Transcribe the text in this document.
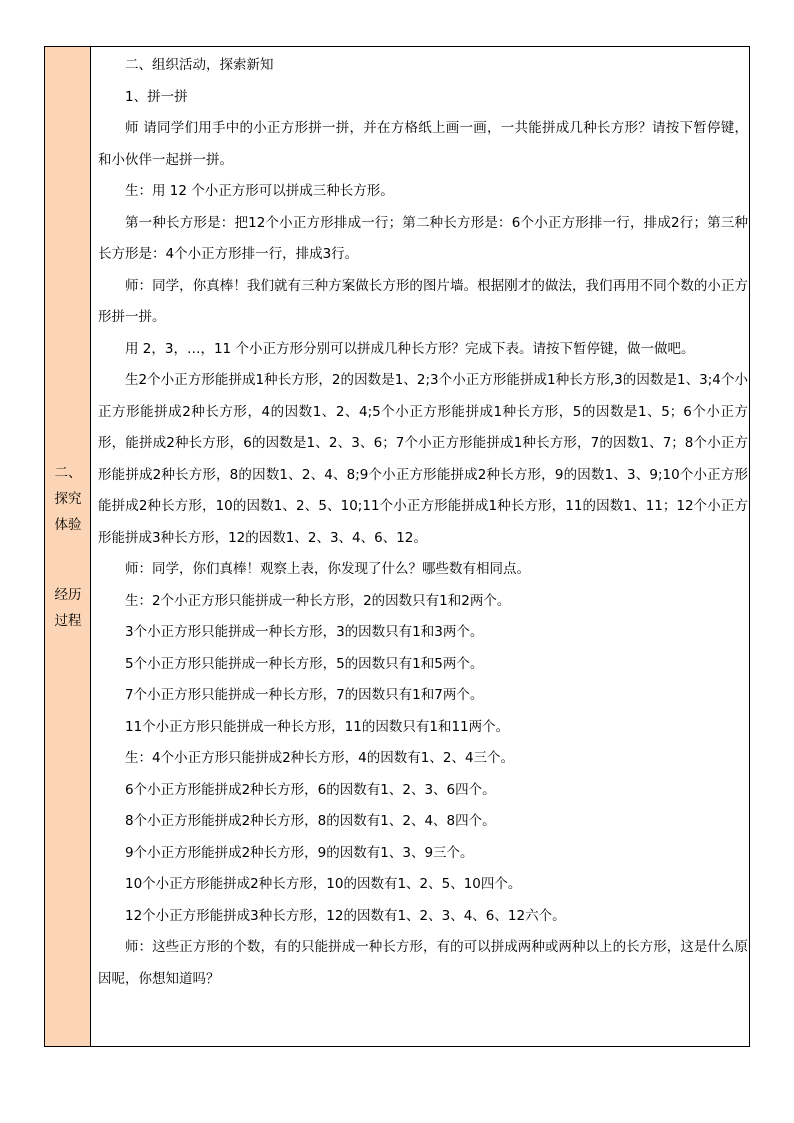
二、
探究
体验
经历
过程

二、组织活动，探索新知

1、拼一拼

师 请同学们用手中的小正方形拼一拼，并在方格纸上画一画，一共能拼成几种长方形？请按下暂停键，和小伙伴一起拼一拼。

生：用 12 个小正方形可以拼成三种长方形。

第一种长方形是：把12个小正方形排成一行；第二种长方形是：6个小正方形排一行，排成2行；第三种长方形是：4个小正方形排一行，排成3行。

师：同学，你真棒！我们就有三种方案做长方形的图片墙。根据刚才的做法，我们再用不同个数的小正方形拼一拼。

用 2，3，…，11 个小正方形分别可以拼成几种长方形？完成下表。请按下暂停键，做一做吧。

生2个小正方形能拼成1种长方形，2的因数是1、2;3个小正方形能拼成1种长方形,3的因数是1、3;4个小正方形能拼成2种长方形，4的因数1、2、4;5个小正方形能拼成1种长方形，5的因数是1、5；6个小正方形，能拼成2种长方形，6的因数是1、2、3、6；7个小正方形能拼成1种长方形，7的因数1、7；8个小正方形能拼成2种长方形，8的因数1、2、4、8;9个小正方形能拼成2种长方形，9的因数1、3、9;10个小正方形能拼成2种长方形，10的因数1、2、5、10;11个小正方形能拼成1种长方形，11的因数1、11；12个小正方形能拼成3种长方形，12的因数1、2、3、4、6、12。

师：同学，你们真棒！观察上表，你发现了什么？哪些数有相同点。

生：2个小正方形只能拼成一种长方形，2的因数只有1和2两个。

3个小正方形只能拼成一种长方形，3的因数只有1和3两个。

5个小正方形只能拼成一种长方形，5的因数只有1和5两个。

7个小正方形只能拼成一种长方形，7的因数只有1和7两个。

11个小正方形只能拼成一种长方形，11的因数只有1和11两个。

生：4个小正方形只能拼成2种长方形，4的因数有1、2、4三个。

6个小正方形能拼成2种长方形，6的因数有1、2、3、6四个。

8个小正方形能拼成2种长方形，8的因数有1、2、4、8四个。

9个小正方形能拼成2种长方形，9的因数有1、3、9三个。

10个小正方形能拼成2种长方形，10的因数有1、2、5、10四个。

12个小正方形能拼成3种长方形，12的因数有1、2、3、4、6、12六个。

师：这些正方形的个数，有的只能拼成一种长方形，有的可以拼成两种或两种以上的长方形，这是什么原因呢，你想知道吗？
